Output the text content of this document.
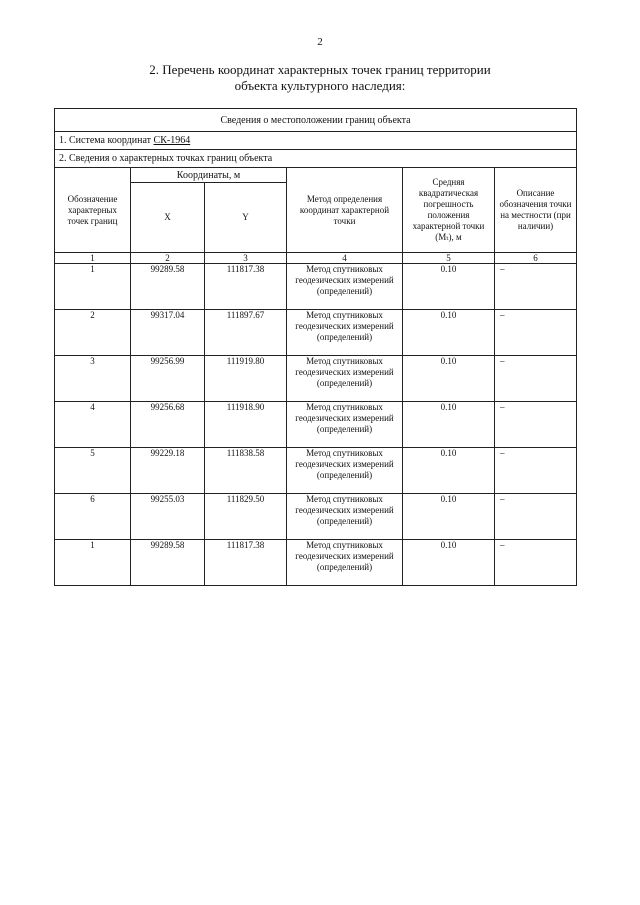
2
2. Перечень координат характерных точек границ территории
объекта культурного наследия:
Сведения о местоположении границ объекта					
1. Система координат СК-1964					
2. Сведения о характерных точках границ объекта					
Обозначение характерных точек границ	Координаты, м		Метод определения координат характерной точки	Средняя квадратическая погрешность положения характерной точки (Mₜ), м	Описание обозначения точки на местности (при наличии)
	X	Y			
1	2	3	4	5	6
1	99289.58	111817.38	Метод спутниковых геодезических измерений (определений)	0.10	–
2	99317.04	111897.67	Метод спутниковых геодезических измерений (определений)	0.10	–
3	99256.99	111919.80	Метод спутниковых геодезических измерений (определений)	0.10	–
4	99256.68	111918.90	Метод спутниковых геодезических измерений (определений)	0.10	–
5	99229.18	111838.58	Метод спутниковых геодезических измерений (определений)	0.10	–
6	99255.03	111829.50	Метод спутниковых геодезических измерений (определений)	0.10	–
1	99289.58	111817.38	Метод спутниковых геодезических измерений (определений)	0.10	–
